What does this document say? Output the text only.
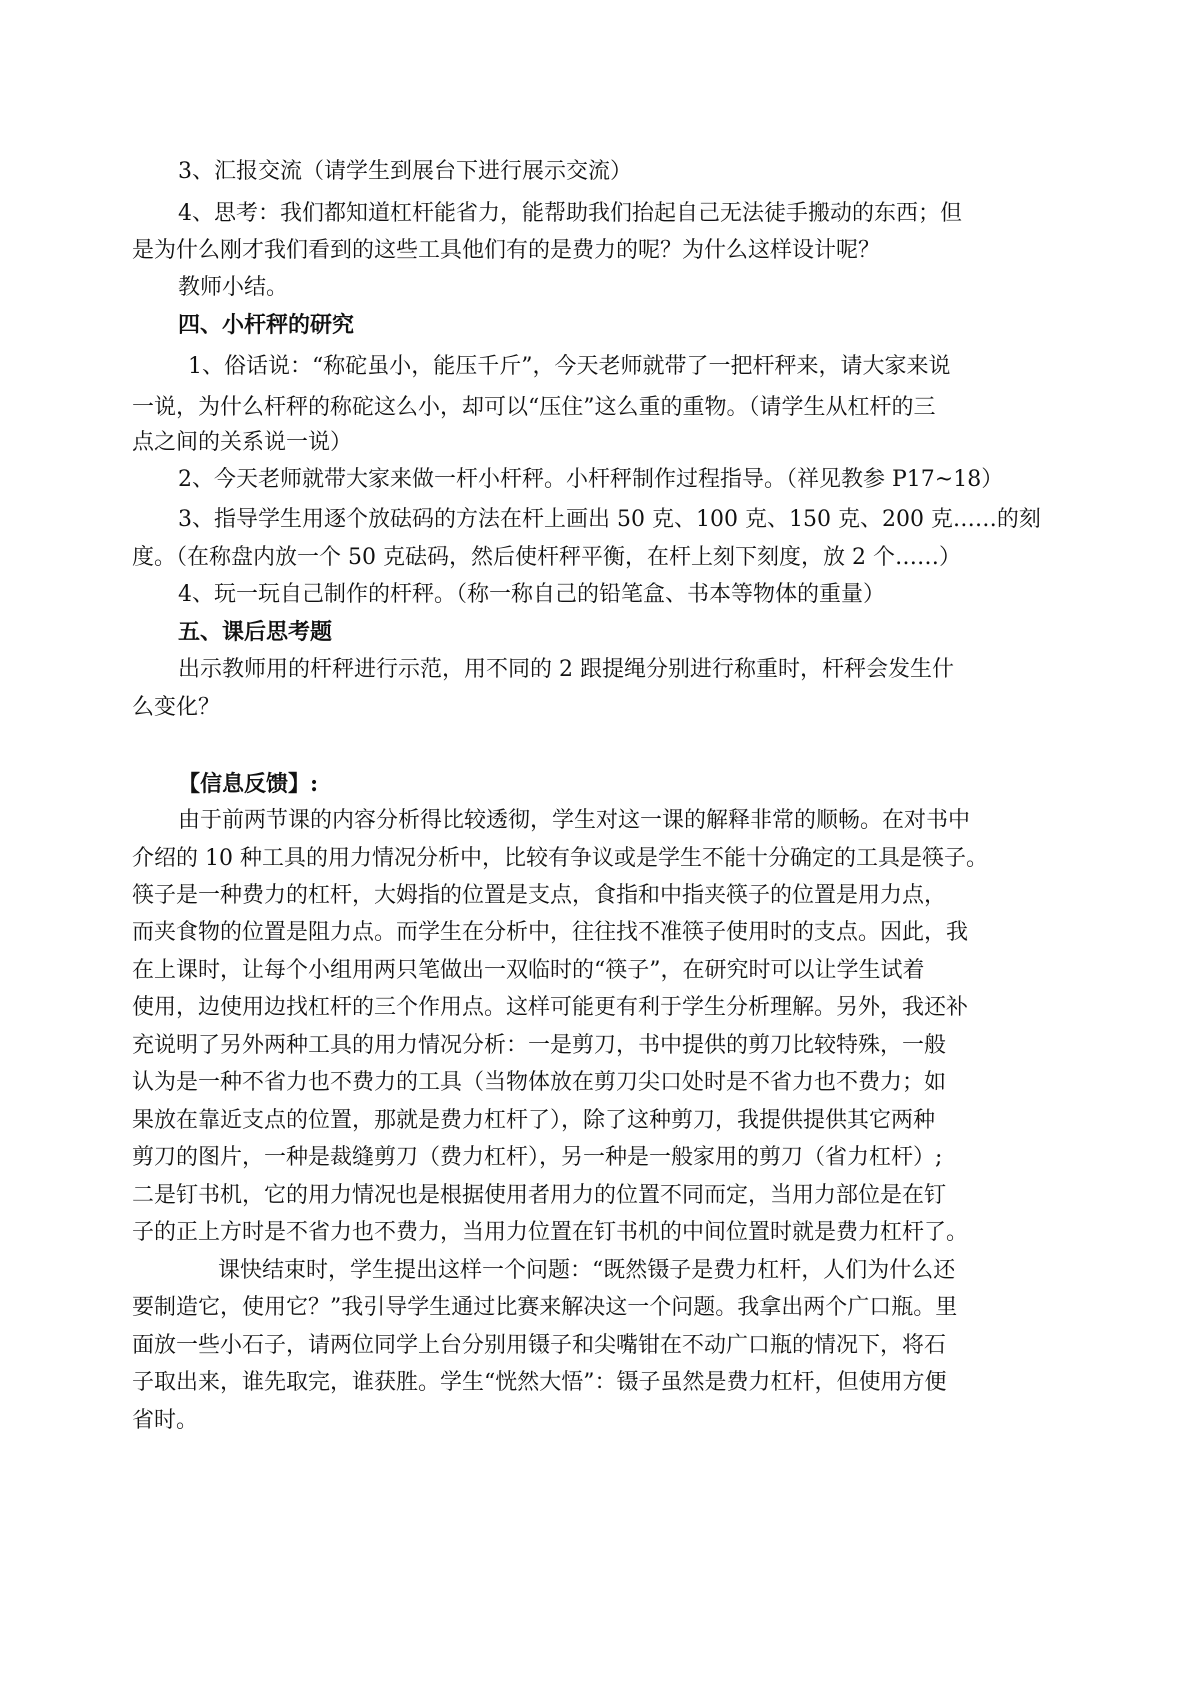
3、汇报交流（请学生到展台下进行展示交流）

4、思考：我们都知道杠杆能省力，能帮助我们抬起自己无法徒手搬动的东西；但

是为什么刚才我们看到的这些工具他们有的是费力的呢？为什么这样设计呢？

教师小结。

四、小杆秤的研究

1、俗话说：“称砣虽小，能压千斤”，今天老师就带了一把杆秤来，请大家来说

一说，为什么杆秤的称砣这么小，却可以“压住”这么重的重物。（请学生从杠杆的三

点之间的关系说一说）

2、今天老师就带大家来做一杆小杆秤。小杆秤制作过程指导。（祥见教参 P17~18）

3、指导学生用逐个放砝码的方法在杆上画出 50 克、100 克、150 克、200 克……的刻

度。（在称盘内放一个 50 克砝码，然后使杆秤平衡，在杆上刻下刻度，放 2 个……）

4、玩一玩自己制作的杆秤。（称一称自己的铅笔盒、书本等物体的重量）

五、课后思考题

出示教师用的杆秤进行示范，用不同的 2 跟提绳分别进行称重时，杆秤会发生什

么变化？

【信息反馈】:

由于前两节课的内容分析得比较透彻，学生对这一课的解释非常的顺畅。在对书中

介绍的 10 种工具的用力情况分析中，比较有争议或是学生不能十分确定的工具是筷子。

筷子是一种费力的杠杆，大姆指的位置是支点，食指和中指夹筷子的位置是用力点，

而夹食物的位置是阻力点。而学生在分析中，往往找不准筷子使用时的支点。因此，我

在上课时，让每个小组用两只笔做出一双临时的“筷子”，在研究时可以让学生试着

使用，边使用边找杠杆的三个作用点。这样可能更有利于学生分析理解。另外，我还补

充说明了另外两种工具的用力情况分析：一是剪刀，书中提供的剪刀比较特殊，一般

认为是一种不省力也不费力的工具（当物体放在剪刀尖口处时是不省力也不费力；如

果放在靠近支点的位置，那就是费力杠杆了），除了这种剪刀，我提供提供其它两种

剪刀的图片，一种是裁缝剪刀（费力杠杆），另一种是一般家用的剪刀（省力杠杆）;

二是钉书机，它的用力情况也是根据使用者用力的位置不同而定，当用力部位是在钉

子的正上方时是不省力也不费力，当用力位置在钉书机的中间位置时就是费力杠杆了。

课快结束时，学生提出这样一个问题：“既然镊子是费力杠杆，人们为什么还

要制造它，使用它？”我引导学生通过比赛来解决这一个问题。我拿出两个广口瓶。里

面放一些小石子，请两位同学上台分别用镊子和尖嘴钳在不动广口瓶的情况下，将石

子取出来，谁先取完，谁获胜。学生“恍然大悟”：镊子虽然是费力杠杆，但使用方便

省时。
